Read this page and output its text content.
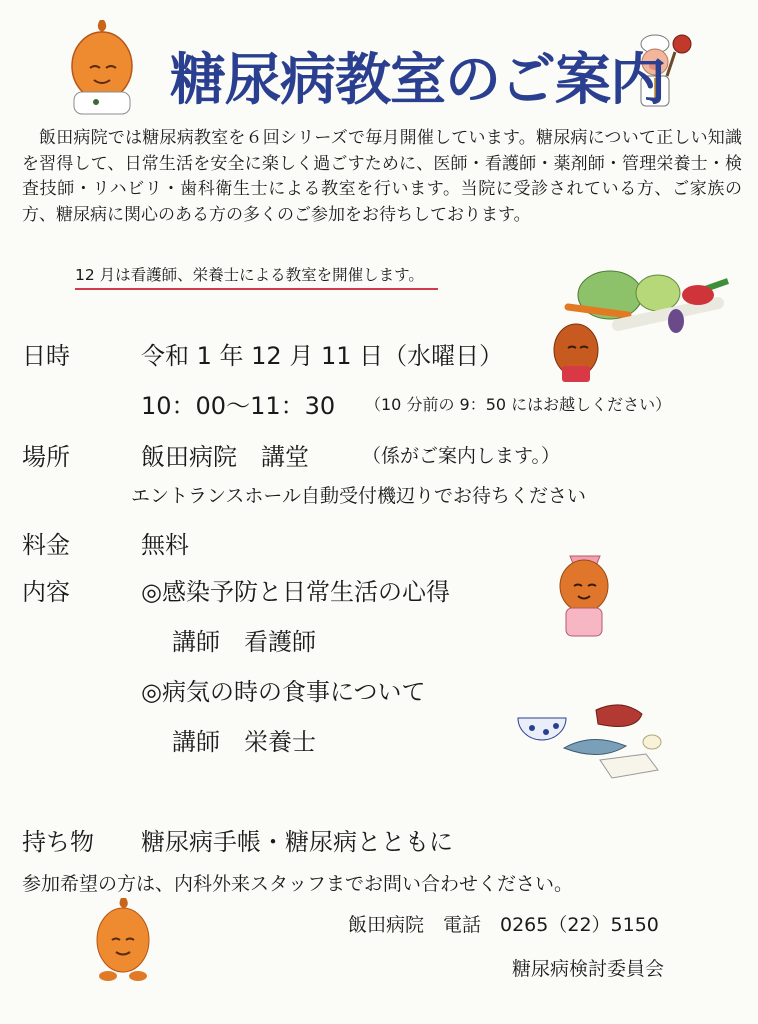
糖尿病教室のご案内
飯田病院では糖尿病教室を６回シリーズで毎月開催しています。糖尿病について正しい知識を習得して、日常生活を安全に楽しく過ごすために、医師・看護師・薬剤師・管理栄養士・検査技師・リハビリ・歯科衛生士による教室を行います。当院に受診されている方、ご家族の方、糖尿病に関心のある方の多くのご参加をお待ちしております。
12 月は看護師、栄養士による教室を開催します。
日時	令和 1 年 12 月 11 日（水曜日）
10：00～11：30 （10 分前の 9：50 にはお越しください）
場所	飯田病院　講堂	（係がご案内します。）
エントランスホール自動受付機辺りでお待ちください
料金	無料
内容	◎感染予防と日常生活の心得
講師　看護師
◎病気の時の食事について
講師　栄養士
持ち物 糖尿病手帳・糖尿病とともに
参加希望の方は、内科外来スタッフまでお問い合わせください。
飯田病院　電話　0265（22）5150
糖尿病検討委員会
